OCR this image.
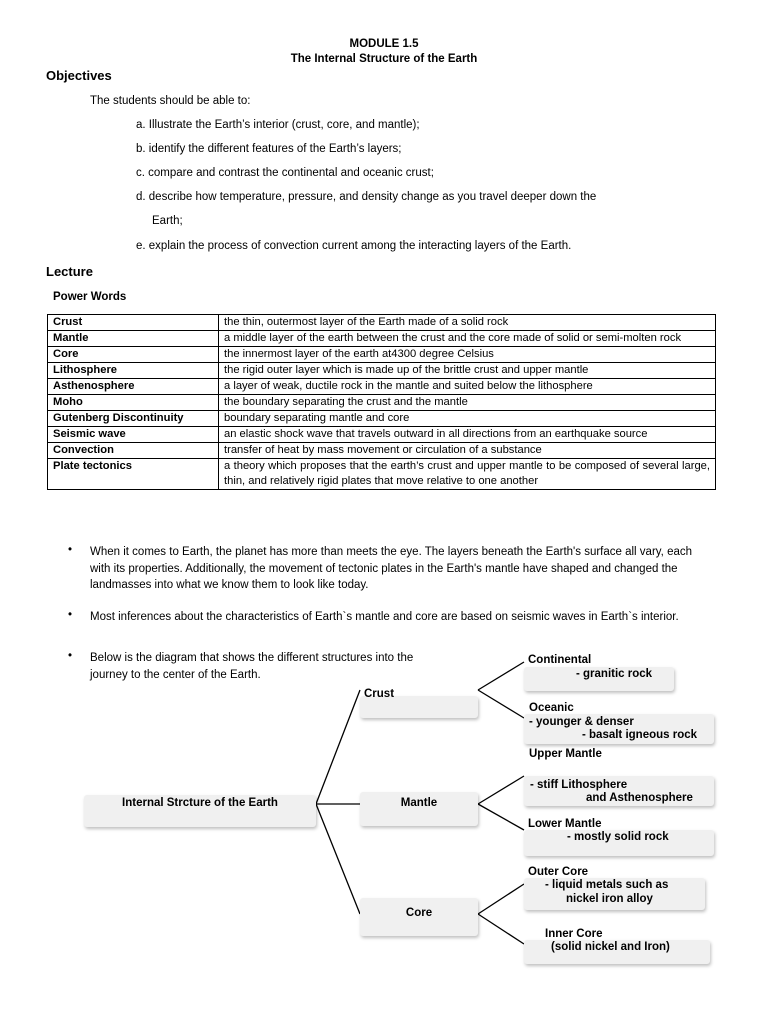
MODULE 1.5
The Internal Structure of the Earth
Objectives
The students should be able to:
a. Illustrate the Earth’s interior (crust, core, and mantle);
b. identify the different features of the Earth’s layers;
c. compare and contrast the continental and oceanic crust;
d. describe how temperature, pressure, and density change as you travel deeper down the
Earth;
e. explain the process of convection current among the interacting layers of the Earth.
Lecture
Power Words
Crust	the thin, outermost layer of the Earth made of a solid rock
Mantle	a middle layer of the earth between the crust and the core made of solid or semi-molten rock
Core	the innermost layer of the earth at4300 degree Celsius
Lithosphere	the rigid outer layer which is made up of the brittle crust and upper mantle
Asthenosphere	a layer of weak, ductile rock in the mantle and suited below the lithosphere
Moho	the boundary separating the crust and the mantle
Gutenberg Discontinuity	boundary separating mantle and core
Seismic wave	an elastic shock wave that travels outward in all directions from an earthquake source
Convection	transfer of heat by mass movement or circulation of a substance
Plate tectonics	a theory which proposes that the earth’s crust and upper mantle to be composed of several large, thin, and relatively rigid plates that move relative to one another
• When it comes to Earth, the planet has more than meets the eye. The layers beneath the Earth's surface all vary, each with its properties. Additionally, the movement of tectonic plates in the Earth's mantle have shaped and changed the landmasses into what we know them to look like today.
• Most inferences about the characteristics of Earth`s mantle and core are based on seismic waves in Earth`s interior.
• Below is the diagram that shows the different structures into the journey to the center of the Earth.
Internal Strcture of the Earth
Crust
Mantle
Core
Continental
- granitic rock
Oceanic
- younger & denser
- basalt igneous rock
Upper Mantle
- stiff Lithosphere
and Asthenosphere
Lower Mantle
- mostly solid rock
Outer Core
- liquid metals such as
nickel iron alloy
Inner Core
(solid nickel and Iron)
